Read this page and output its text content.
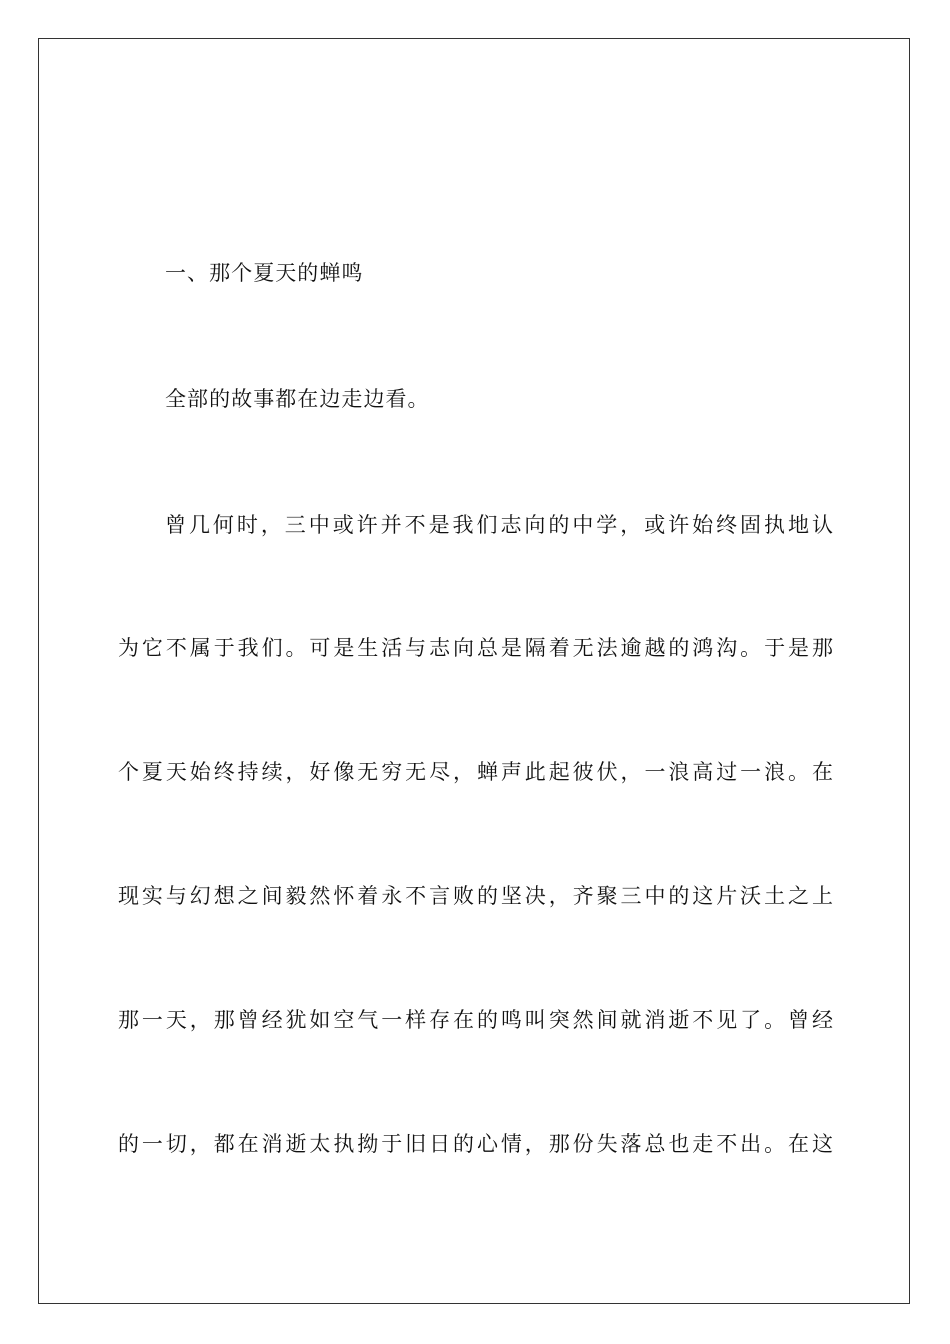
一、那个夏天的蝉鸣
全部的故事都在边走边看。
曾几何时，三中或许并不是我们志向的中学，或许始终固执地认
为它不属于我们。可是生活与志向总是隔着无法逾越的鸿沟。于是那
个夏天始终持续，好像无穷无尽，蝉声此起彼伏，一浪高过一浪。在
现实与幻想之间毅然怀着永不言败的坚决，齐聚三中的这片沃土之上
那一天，那曾经犹如空气一样存在的鸣叫突然间就消逝不见了。曾经
的一切，都在消逝太执拗于旧日的心情，那份失落总也走不出。在这
